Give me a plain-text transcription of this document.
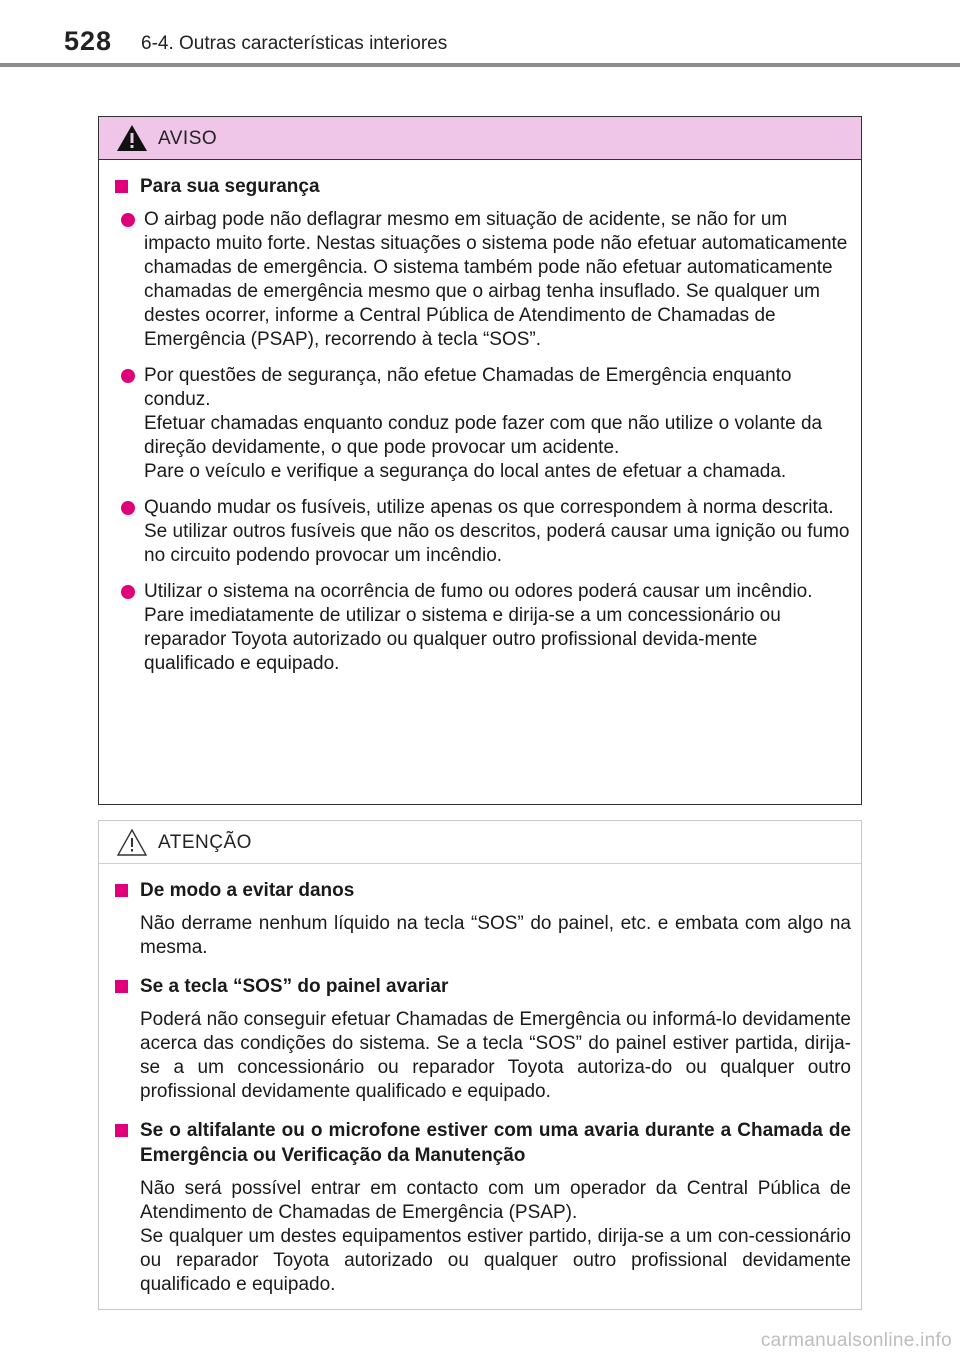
528 6-4. Outras características interiores
AVISO
Para sua segurança
O airbag pode não deflagrar mesmo em situação de acidente, se não for um impacto muito forte. Nestas situações o sistema pode não efetuar automaticamente chamadas de emergência. O sistema também pode não efetuar automaticamente chamadas de emergência mesmo que o airbag tenha insuflado. Se qualquer um destes ocorrer, informe a Central Pública de Atendimento de Chamadas de Emergência (PSAP), recorrendo à tecla “SOS”.
Por questões de segurança, não efetue Chamadas de Emergência enquanto conduz.
Efetuar chamadas enquanto conduz pode fazer com que não utilize o volante da direção devidamente, o que pode provocar um acidente.
Pare o veículo e verifique a segurança do local antes de efetuar a chamada.
Quando mudar os fusíveis, utilize apenas os que correspondem à norma descrita.
Se utilizar outros fusíveis que não os descritos, poderá causar uma ignição ou fumo no circuito podendo provocar um incêndio.
Utilizar o sistema na ocorrência de fumo ou odores poderá causar um incêndio.
Pare imediatamente de utilizar o sistema e dirija-se a um concessionário ou reparador Toyota autorizado ou qualquer outro profissional devida-mente qualificado e equipado.
ATENÇÃO
De modo a evitar danos
Não derrame nenhum líquido na tecla “SOS” do painel, etc. e embata com algo na mesma.
Se a tecla “SOS” do painel avariar
Poderá não conseguir efetuar Chamadas de Emergência ou informá-lo devidamente acerca das condições do sistema. Se a tecla “SOS” do painel estiver partida, dirija-se a um concessionário ou reparador Toyota autoriza-do ou qualquer outro profissional devidamente qualificado e equipado.
Se o altifalante ou o microfone estiver com uma avaria durante a Chamada de Emergência ou Verificação da Manutenção
Não será possível entrar em contacto com um operador da Central Pública de Atendimento de Chamadas de Emergência (PSAP).
Se qualquer um destes equipamentos estiver partido, dirija-se a um con-cessionário ou reparador Toyota autorizado ou qualquer outro profissional devidamente qualificado e equipado.
carmanualsonline.info
